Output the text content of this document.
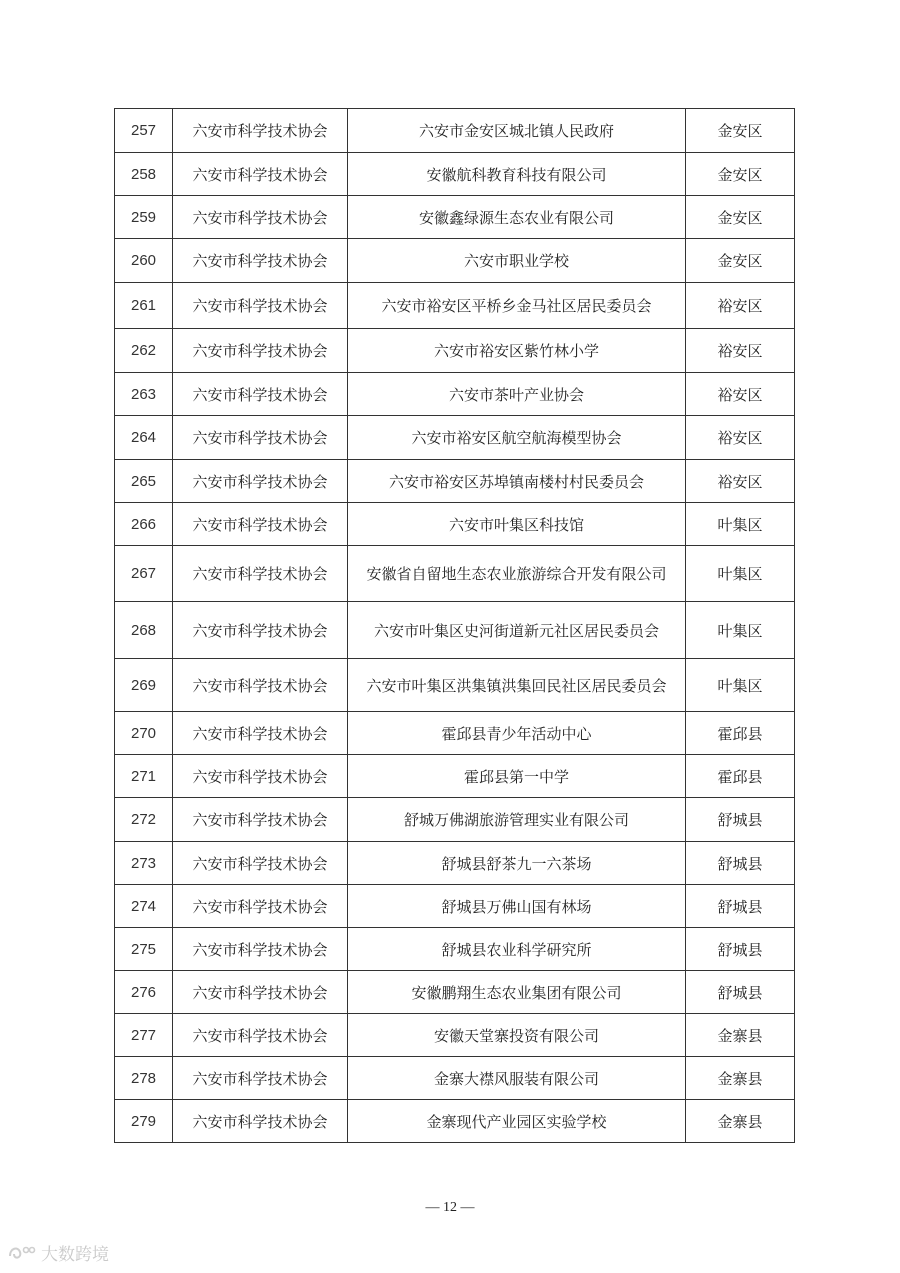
257	六安市科学技术协会	六安市金安区城北镇人民政府	金安区
258	六安市科学技术协会	安徽航科教育科技有限公司	金安区
259	六安市科学技术协会	安徽鑫绿源生态农业有限公司	金安区
260	六安市科学技术协会	六安市职业学校	金安区
261	六安市科学技术协会	六安市裕安区平桥乡金马社区居民委员会	裕安区
262	六安市科学技术协会	六安市裕安区紫竹林小学	裕安区
263	六安市科学技术协会	六安市茶叶产业协会	裕安区
264	六安市科学技术协会	六安市裕安区航空航海模型协会	裕安区
265	六安市科学技术协会	六安市裕安区苏埠镇南楼村村民委员会	裕安区
266	六安市科学技术协会	六安市叶集区科技馆	叶集区
267	六安市科学技术协会	安徽省自留地生态农业旅游综合开发有限公司	叶集区
268	六安市科学技术协会	六安市叶集区史河街道新元社区居民委员会	叶集区
269	六安市科学技术协会	六安市叶集区洪集镇洪集回民社区居民委员会	叶集区
270	六安市科学技术协会	霍邱县青少年活动中心	霍邱县
271	六安市科学技术协会	霍邱县第一中学	霍邱县
272	六安市科学技术协会	舒城万佛湖旅游管理实业有限公司	舒城县
273	六安市科学技术协会	舒城县舒茶九一六茶场	舒城县
274	六安市科学技术协会	舒城县万佛山国有林场	舒城县
275	六安市科学技术协会	舒城县农业科学研究所	舒城县
276	六安市科学技术协会	安徽鹏翔生态农业集团有限公司	舒城县
277	六安市科学技术协会	安徽天堂寨投资有限公司	金寨县
278	六安市科学技术协会	金寨大襟风服装有限公司	金寨县
279	六安市科学技术协会	金寨现代产业园区实验学校	金寨县
— 12 —
大数跨境
